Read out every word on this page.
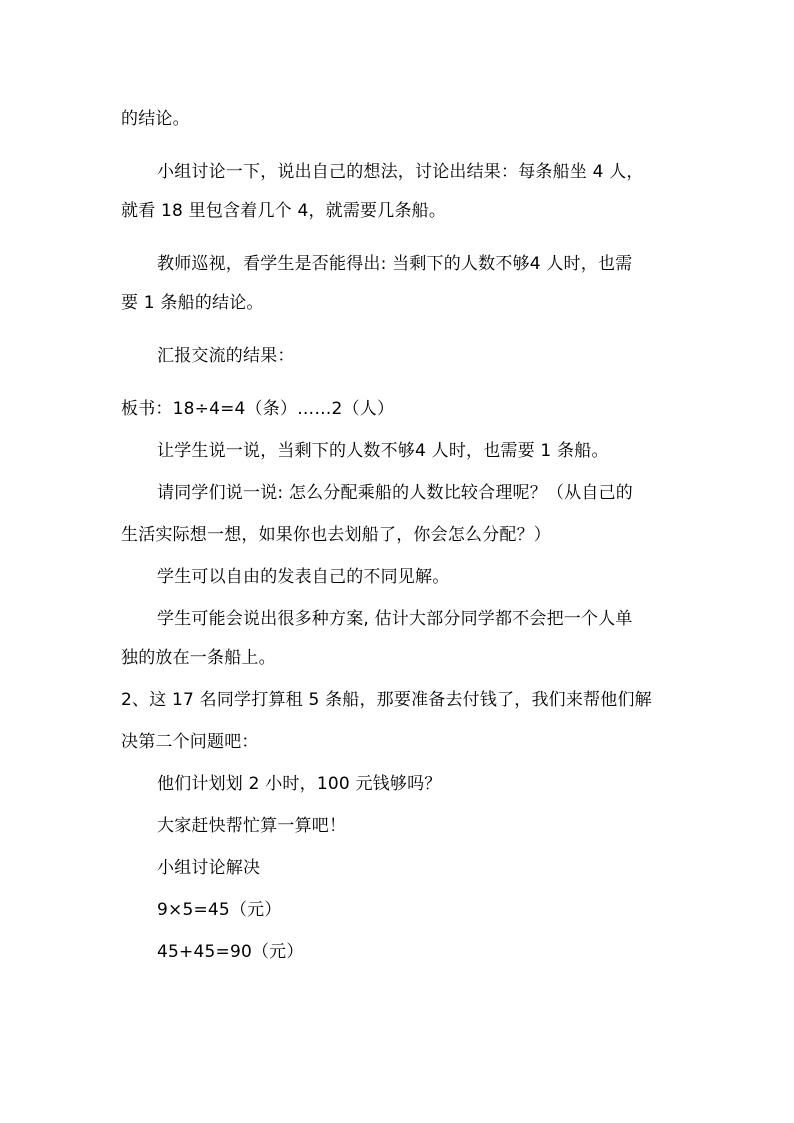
的结论。
小组讨论一下，说出自己的想法，讨论出结果：每条船坐 4 人，
就看 18 里包含着几个 4，就需要几条船。
教师巡视，看学生是否能得出: 当剩下的人数不够4 人时，也需
要 1 条船的结论。
汇报交流的结果：
板书：18÷4=4（条）……2（人）
让学生说一说，当剩下的人数不够4 人时，也需要 1 条船。
请同学们说一说: 怎么分配乘船的人数比较合理呢？（从自己的
生活实际想一想，如果你也去划船了，你会怎么分配？）
学生可以自由的发表自己的不同见解。
学生可能会说出很多种方案, 估计大部分同学都不会把一个人单
独的放在一条船上。
2、这 17 名同学打算租 5 条船，那要准备去付钱了，我们来帮他们解
决第二个问题吧：
他们计划划 2 小时，100 元钱够吗？
大家赶快帮忙算一算吧！
小组讨论解决
9×5=45（元）
45+45=90（元）
